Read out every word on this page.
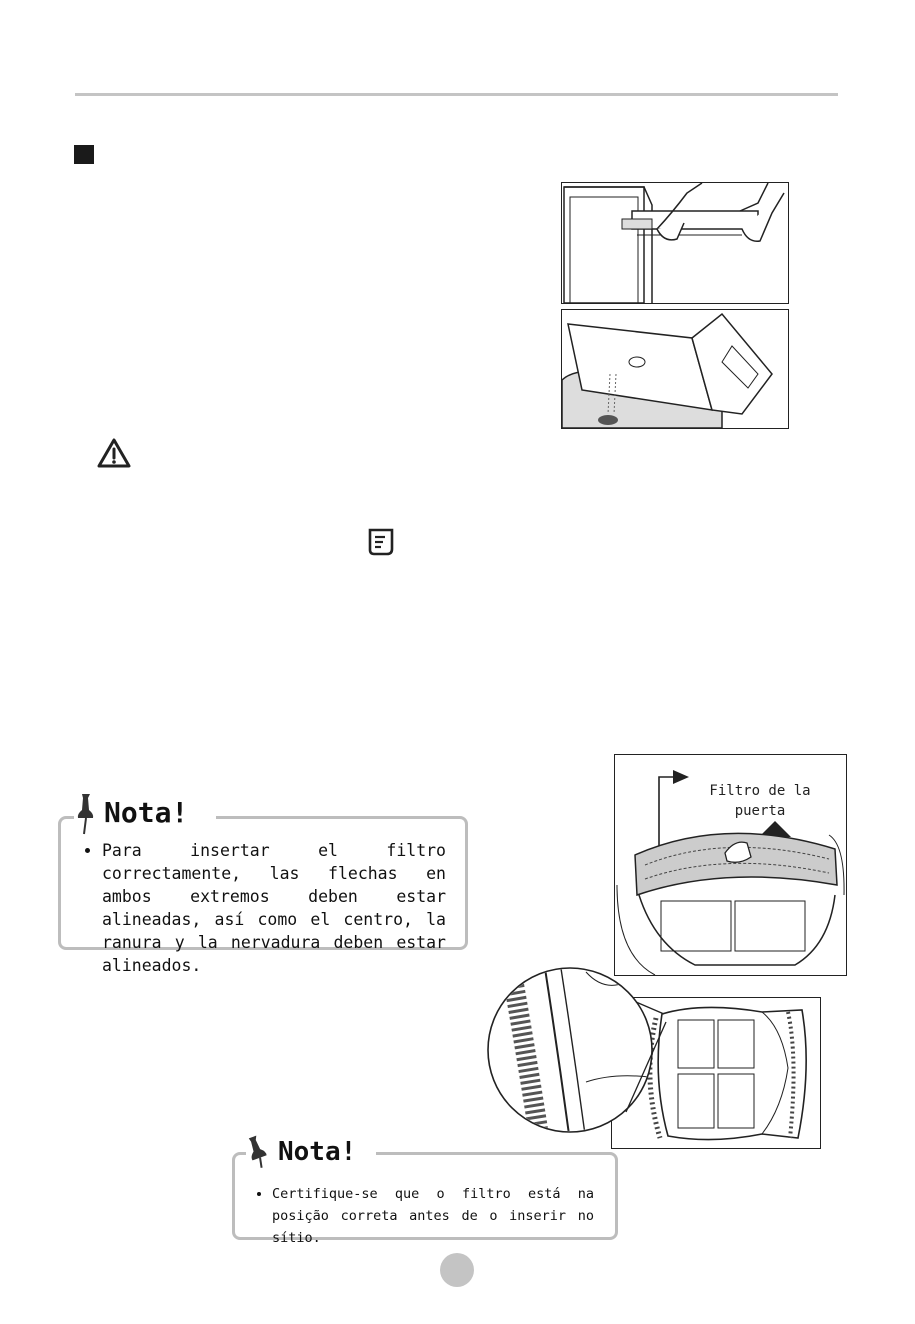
Nota!
• Para insertar el filtro correctamente, las flechas en ambos extremos deben estar alineadas, así como el centro, la ranura y la nervadura deben estar alineados.
Filtro de la
puerta
Nota!
• Certifique-se que o filtro está na posição correta antes de o inserir no sítio.
